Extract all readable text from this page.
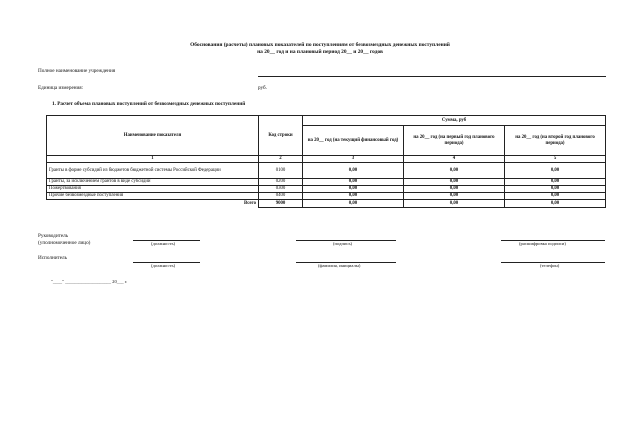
Обоснования (расчеты) плановых показателей по поступлениям от безвозмездных денежных поступлений
на 20__ год и на плановый период 20__ и 20__ годов
Полное наименование учреждения
Единица измерения:	руб.
1. Расчет объема плановых поступлений от безвозмездных денежных поступлений
Наименование показателя	Код строки	Сумма, руб		
		на 20__ год (на текущий финансовый год)	на 20__ год (на первый год планового периода)	на 20__ год (на второй год планового периода)
1	2	3	4	5
Гранты в форме субсидий из бюджетов бюджетной системы Российской Федерации	0100	0,00	0,00	0,00
Гранты, за исключением грантов в виде субсидий	0200	0,00	0,00	0,00
Пожертвования	0300	0,00	0,00	0,00
Прочие безвозмездные поступления	0400	0,00	0,00	0,00
Всего	9000	0,00	0,00	0,00
Руководитель
(уполномоченное лицо)	(должность)	(подпись)	(расшифровка подписи)
Исполнитель
(должность)	(фамилия, инициалы)	(телефон)
"____" ____________________ 20___ г.
